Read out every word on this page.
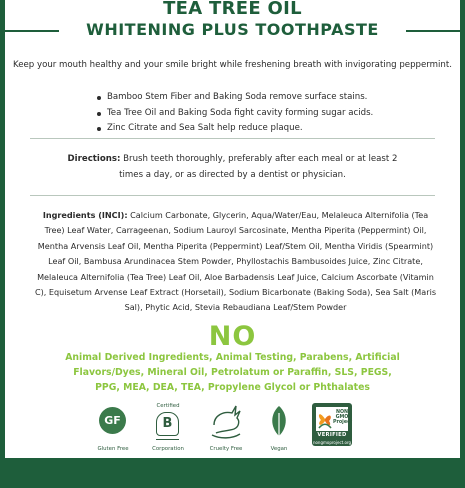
TEA TREE OIL
WHITENING PLUS TOOTHPASTE
Keep your mouth healthy and your smile bright while freshening breath with invigorating peppermint.
Bamboo Stem Fiber and Baking Soda remove surface stains.
Tea Tree Oil and Baking Soda fight cavity forming sugar acids.
Zinc Citrate and Sea Salt help reduce plaque.
Directions: Brush teeth thoroughly, preferably after each meal or at least 2 times a day, or as directed by a dentist or physician.
Ingredients (INCI): Calcium Carbonate, Glycerin, Aqua/Water/Eau, Melaleuca Alternifolia (Tea Tree) Leaf Water, Carrageenan, Sodium Lauroyl Sarcosinate, Mentha Piperita (Peppermint) Oil, Mentha Arvensis Leaf Oil, Mentha Piperita (Peppermint) Leaf/Stem Oil, Mentha Viridis (Spearmint) Leaf Oil, Bambusa Arundinacea Stem Powder, Phyllostachis Bambusoides Juice, Zinc Citrate, Melaleuca Alternifolia (Tea Tree) Leaf Oil, Aloe Barbadensis Leaf Juice, Calcium Ascorbate (Vitamin C), Equisetum Arvense Leaf Extract (Horsetail), Sodium Bicarbonate (Baking Soda), Sea Salt (Maris Sal), Phytic Acid, Stevia Rebaudiana Leaf/Stem Powder
NO
Animal Derived Ingredients, Animal Testing, Parabens, Artificial Flavors/Dyes, Mineral Oil, Petrolatum or Paraffin, SLS, PEGS, PPG, MEA, DEA, TEA, Propylene Glycol or Phthalates
GF
Gluten Free
Certified
B
Corporation	Cruelty Free	Vegan
NON GMO Project
VERIFIED
nongmoproject.org
